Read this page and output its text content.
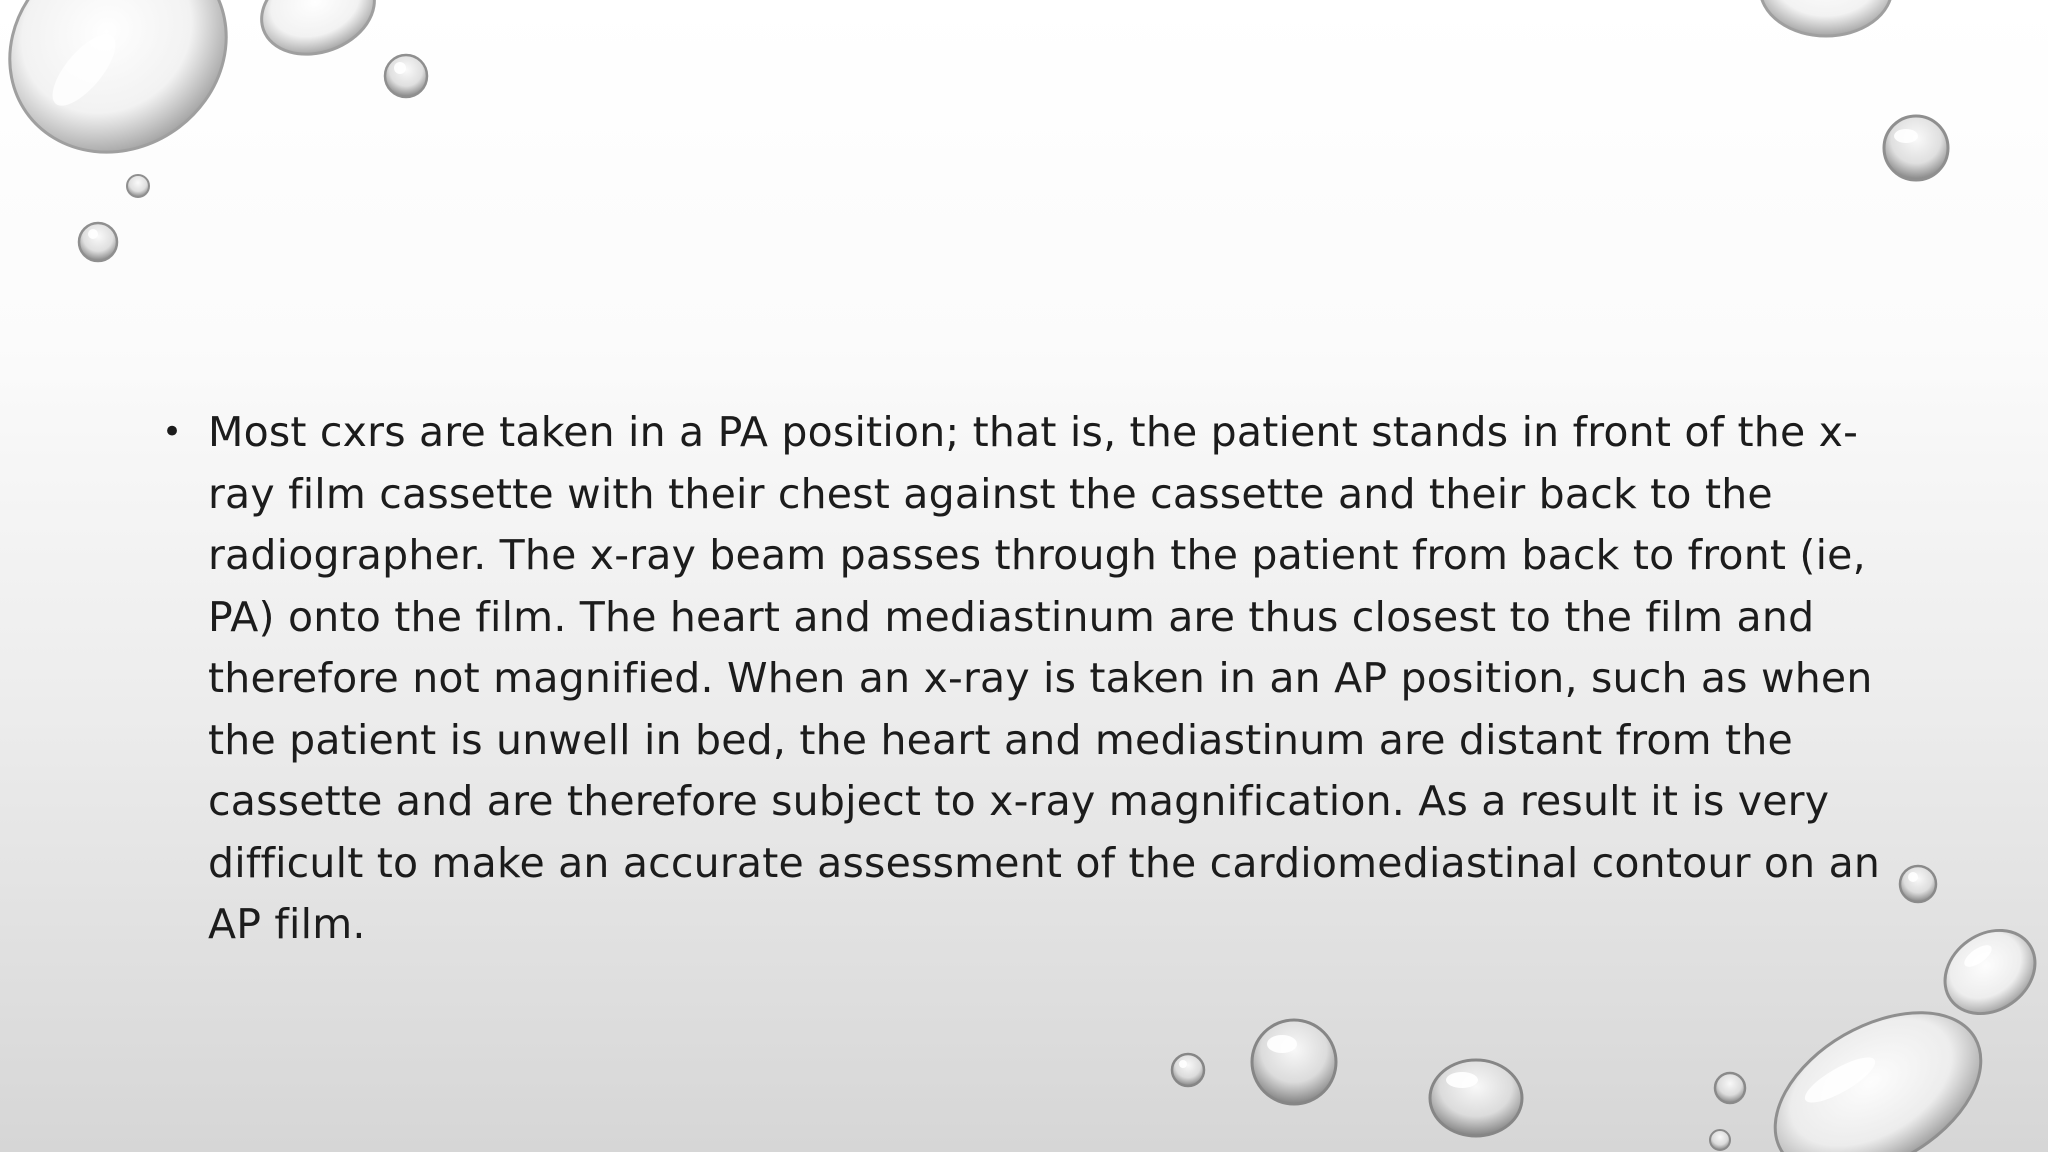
• Most cxrs are taken in a PA position; that is, the patient stands in front of the x-ray film cassette with their chest against the cassette and their back to the radiographer. The x-ray beam passes through the patient from back to front (ie, PA) onto the film. The heart and mediastinum are thus closest to the film and therefore not magnified. When an x-ray is taken in an AP position, such as when the patient is unwell in bed, the heart and mediastinum are distant from the cassette and are therefore subject to x-ray magnification. As a result it is very difficult to make an accurate assessment of the cardiomediastinal contour on an AP film.
